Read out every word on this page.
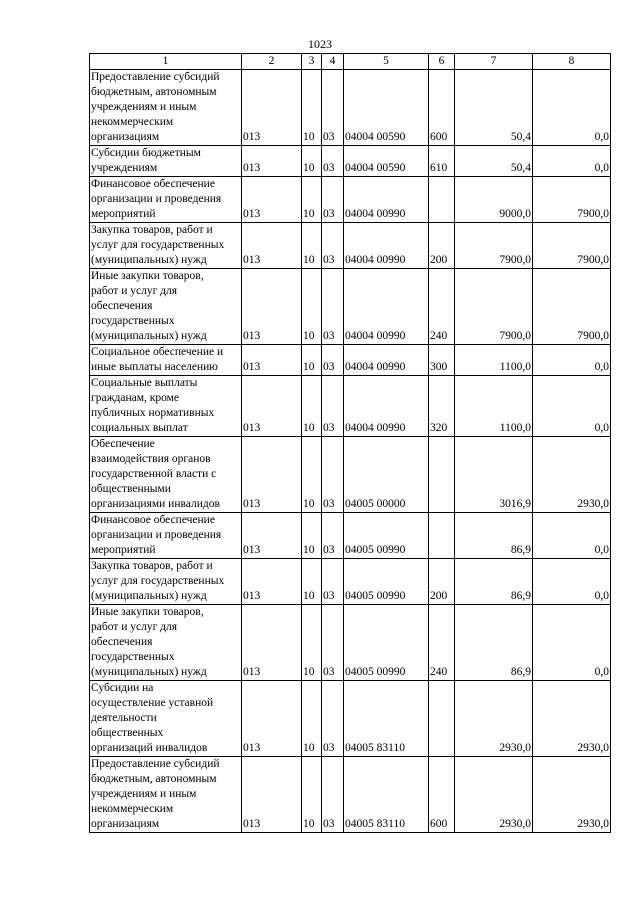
1023
1	2	3	4	5	6	7	8
Предоставление субсидий
бюджетным, автономным
учреждениям и иным
некоммерческим
организациям	013	10	03	04004 00590	600	50,4	0,0
Субсидии бюджетным
учреждениям	013	10	03	04004 00590	610	50,4	0,0
Финансовое обеспечение
организации и проведения
мероприятий	013	10	03	04004 00990		9000,0	7900,0
Закупка товаров, работ и
услуг для государственных
(муниципальных) нужд	013	10	03	04004 00990	200	7900,0	7900,0
Иные закупки товаров,
работ и услуг для
обеспечения
государственных
(муниципальных) нужд	013	10	03	04004 00990	240	7900,0	7900,0
Социальное обеспечение и
иные выплаты населению	013	10	03	04004 00990	300	1100,0	0,0
Социальные выплаты
гражданам, кроме
публичных нормативных
социальных выплат	013	10	03	04004 00990	320	1100,0	0,0
Обеспечение
взаимодействия органов
государственной власти с
общественными
организациями инвалидов	013	10	03	04005 00000		3016,9	2930,0
Финансовое обеспечение
организации и проведения
мероприятий	013	10	03	04005 00990		86,9	0,0
Закупка товаров, работ и
услуг для государственных
(муниципальных) нужд	013	10	03	04005 00990	200	86,9	0,0
Иные закупки товаров,
работ и услуг для
обеспечения
государственных
(муниципальных) нужд	013	10	03	04005 00990	240	86,9	0,0
Субсидии на
осуществление уставной
деятельности
общественных
организаций инвалидов	013	10	03	04005 83110		2930,0	2930,0
Предоставление субсидий
бюджетным, автономным
учреждениям и иным
некоммерческим
организациям	013	10	03	04005 83110	600	2930,0	2930,0
